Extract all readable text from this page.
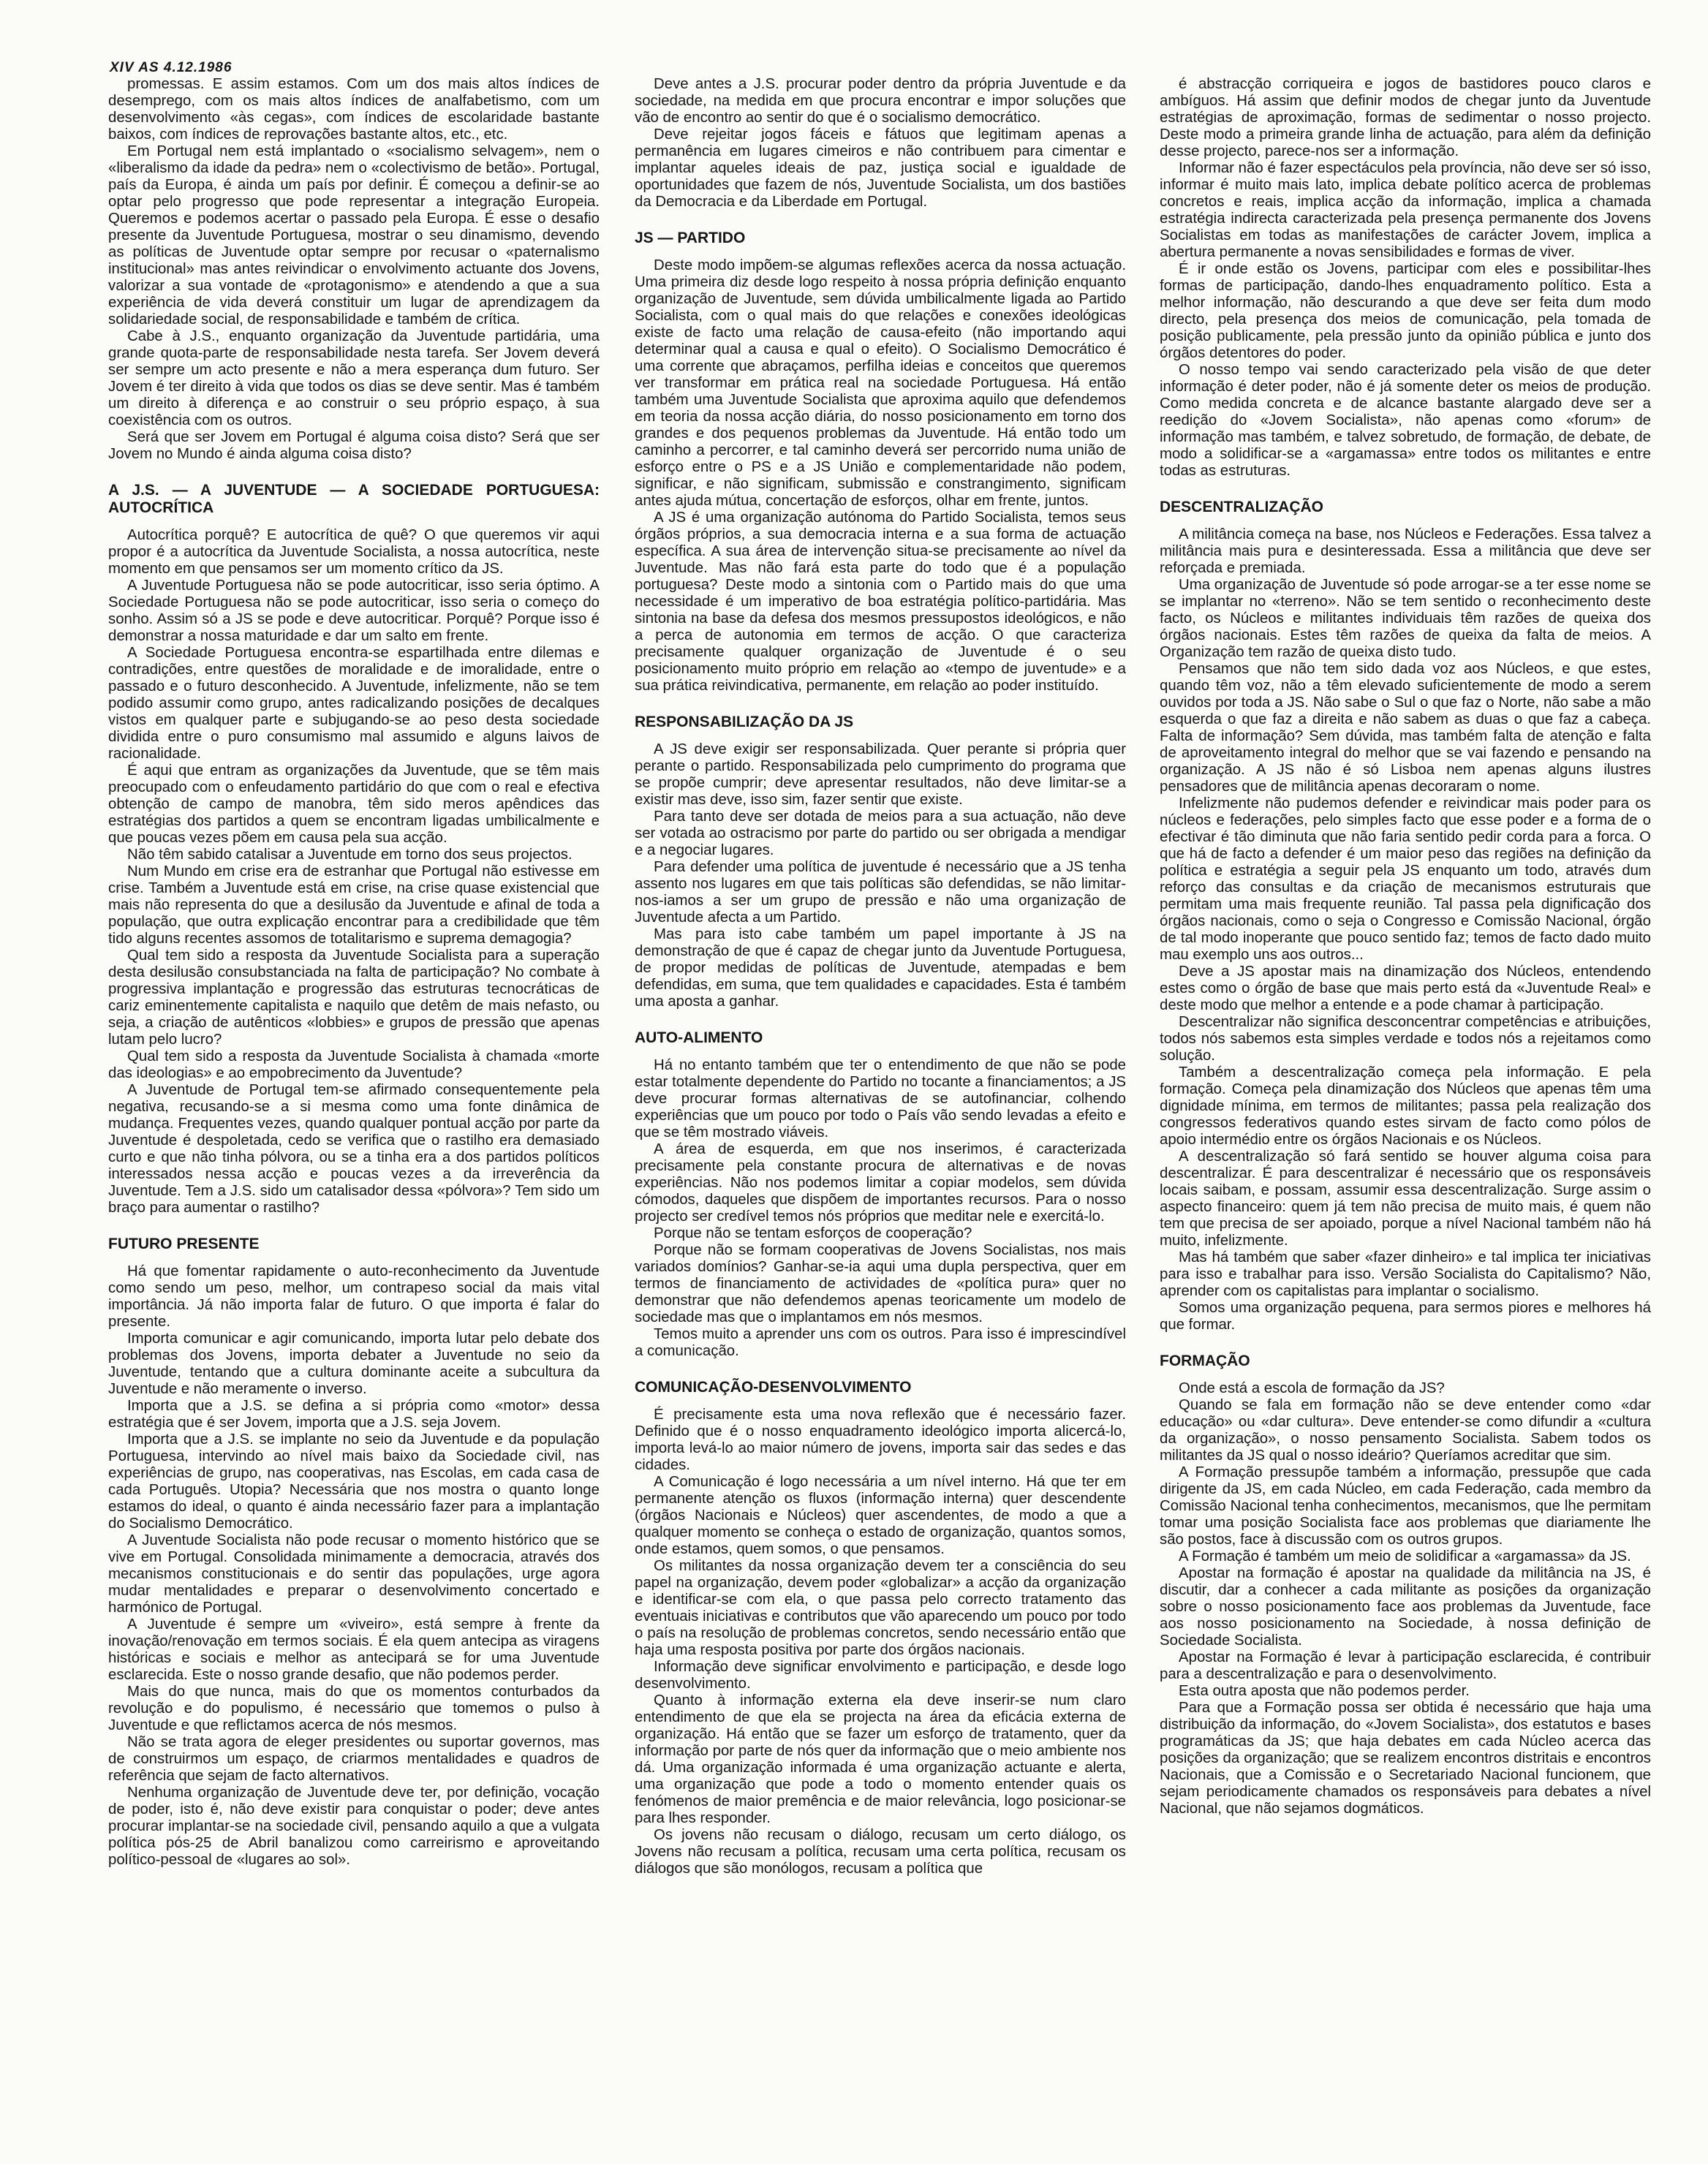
XIV AS 4.12.1986

promessas. E assim estamos. Com um dos mais altos índices de desemprego, com os mais altos índices de analfabetismo, com um desenvolvimento «às cegas», com índices de escolaridade bastante baixos, com índices de reprovações bastante altos, etc., etc.

Em Portugal nem está implantado o «socialismo selvagem», nem o «liberalismo da idade da pedra» nem o «colectivismo de betão». Portugal, país da Europa, é ainda um país por definir. É começou a definir-se ao optar pelo progresso que pode representar a integração Europeia. Queremos e podemos acertar o passado pela Europa. É esse o desafio presente da Juventude Portuguesa, mostrar o seu dinamismo, devendo as políticas de Juventude optar sempre por recusar o «paternalismo institucional» mas antes reivindicar o envolvimento actuante dos Jovens, valorizar a sua vontade de «protagonismo» e atendendo a que a sua experiência de vida deverá constituir um lugar de aprendizagem da solidariedade social, de responsabilidade e também de crítica.

Cabe à J.S., enquanto organização da Juventude partidária, uma grande quota-parte de responsabilidade nesta tarefa. Ser Jovem deverá ser sempre um acto presente e não a mera esperança dum futuro. Ser Jovem é ter direito à vida que todos os dias se deve sentir. Mas é também um direito à diferença e ao construir o seu próprio espaço, à sua coexistência com os outros.

Será que ser Jovem em Portugal é alguma coisa disto? Será que ser Jovem no Mundo é ainda alguma coisa disto?

A J.S. — A JUVENTUDE — A SOCIEDADE PORTUGUESA: AUTOCRÍTICA

Autocrítica porquê? E autocrítica de quê? O que queremos vir aqui propor é a autocrítica da Juventude Socialista, a nossa autocrítica, neste momento em que pensamos ser um momento crítico da JS.

A Juventude Portuguesa não se pode autocriticar, isso seria óptimo. A Sociedade Portuguesa não se pode autocriticar, isso seria o começo do sonho. Assim só a JS se pode e deve autocriticar. Porquê? Porque isso é demonstrar a nossa maturidade e dar um salto em frente.

A Sociedade Portuguesa encontra-se espartilhada entre dilemas e contradições, entre questões de moralidade e de imoralidade, entre o passado e o futuro desconhecido. A Juventude, infelizmente, não se tem podido assumir como grupo, antes radicalizando posições de decalques vistos em qualquer parte e subjugando-se ao peso desta sociedade dividida entre o puro consumismo mal assumido e alguns laivos de racionalidade.

É aqui que entram as organizações da Juventude, que se têm mais preocupado com o enfeudamento partidário do que com o real e efectiva obtenção de campo de manobra, têm sido meros apêndices das estratégias dos partidos a quem se encontram ligadas umbilicalmente e que poucas vezes põem em causa pela sua acção.

Não têm sabido catalisar a Juventude em torno dos seus projectos.

Num Mundo em crise era de estranhar que Portugal não estivesse em crise. Também a Juventude está em crise, na crise quase existencial que mais não representa do que a desilusão da Juventude e afinal de toda a população, que outra explicação encontrar para a credibilidade que têm tido alguns recentes assomos de totalitarismo e suprema demagogia?

Qual tem sido a resposta da Juventude Socialista para a superação desta desilusão consubstanciada na falta de participação? No combate à progressiva implantação e progressão das estruturas tecnocráticas de cariz eminentemente capitalista e naquilo que detêm de mais nefasto, ou seja, a criação de autênticos «lobbies» e grupos de pressão que apenas lutam pelo lucro?

Qual tem sido a resposta da Juventude Socialista à chamada «morte das ideologias» e ao empobrecimento da Juventude?

A Juventude de Portugal tem-se afirmado consequentemente pela negativa, recusando-se a si mesma como uma fonte dinâmica de mudança. Frequentes vezes, quando qualquer pontual acção por parte da Juventude é despoletada, cedo se verifica que o rastilho era demasiado curto e que não tinha pólvora, ou se a tinha era a dos partidos políticos interessados nessa acção e poucas vezes a da irreverência da Juventude. Tem a J.S. sido um catalisador dessa «pólvora»? Tem sido um braço para aumentar o rastilho?

FUTURO PRESENTE

Há que fomentar rapidamente o auto-reconhecimento da Juventude como sendo um peso, melhor, um contrapeso social da mais vital importância. Já não importa falar de futuro. O que importa é falar do presente.

Importa comunicar e agir comunicando, importa lutar pelo debate dos problemas dos Jovens, importa debater a Juventude no seio da Juventude, tentando que a cultura dominante aceite a subcultura da Juventude e não meramente o inverso.

Importa que a J.S. se defina a si própria como «motor» dessa estratégia que é ser Jovem, importa que a J.S. seja Jovem.

Importa que a J.S. se implante no seio da Juventude e da população Portuguesa, intervindo ao nível mais baixo da Sociedade civil, nas experiências de grupo, nas cooperativas, nas Escolas, em cada casa de cada Português. Utopia? Necessária que nos mostra o quanto longe estamos do ideal, o quanto é ainda necessário fazer para a implantação do Socialismo Democrático.

A Juventude Socialista não pode recusar o momento histórico que se vive em Portugal. Consolidada minimamente a democracia, através dos mecanismos constitucionais e do sentir das populações, urge agora mudar mentalidades e preparar o desenvolvimento concertado e harmónico de Portugal.

A Juventude é sempre um «viveiro», está sempre à frente da inovação/renovação em termos sociais. É ela quem antecipa as viragens históricas e sociais e melhor as antecipará se for uma Juventude esclarecida. Este o nosso grande desafio, que não podemos perder.

Mais do que nunca, mais do que os momentos conturbados da revolução e do populismo, é necessário que tomemos o pulso à Juventude e que reflictamos acerca de nós mesmos.

Não se trata agora de eleger presidentes ou suportar governos, mas de construirmos um espaço, de criarmos mentalidades e quadros de referência que sejam de facto alternativos.

Nenhuma organização de Juventude deve ter, por definição, vocação de poder, isto é, não deve existir para conquistar o poder; deve antes procurar implantar-se na sociedade civil, pensando aquilo a que a vulgata política pós-25 de Abril banalizou como carreirismo e aproveitando político-pessoal de «lugares ao sol».

Deve antes a J.S. procurar poder dentro da própria Juventude e da sociedade, na medida em que procura encontrar e impor soluções que vão de encontro ao sentir do que é o socialismo democrático.

Deve rejeitar jogos fáceis e fátuos que legitimam apenas a permanência em lugares cimeiros e não contribuem para cimentar e implantar aqueles ideais de paz, justiça social e igualdade de oportunidades que fazem de nós, Juventude Socialista, um dos bastiões da Democracia e da Liberdade em Portugal.

JS — PARTIDO

Deste modo impõem-se algumas reflexões acerca da nossa actuação. Uma primeira diz desde logo respeito à nossa própria definição enquanto organização de Juventude, sem dúvida umbilicalmente ligada ao Partido Socialista, com o qual mais do que relações e conexões ideológicas existe de facto uma relação de causa-efeito (não importando aqui determinar qual a causa e qual o efeito). O Socialismo Democrático é uma corrente que abraçamos, perfilha ideias e conceitos que queremos ver transformar em prática real na sociedade Portuguesa. Há então também uma Juventude Socialista que aproxima aquilo que defendemos em teoria da nossa acção diária, do nosso posicionamento em torno dos grandes e dos pequenos problemas da Juventude. Há então todo um caminho a percorrer, e tal caminho deverá ser percorrido numa união de esforço entre o PS e a JS União e complementaridade não podem, significar, e não significam, submissão e constrangimento, significam antes ajuda mútua, concertação de esforços, olhar em frente, juntos.

A JS é uma organização autónoma do Partido Socialista, temos seus órgãos próprios, a sua democracia interna e a sua forma de actuação específica. A sua área de intervenção situa-se precisamente ao nível da Juventude. Mas não fará esta parte do todo que é a população portuguesa? Deste modo a sintonia com o Partido mais do que uma necessidade é um imperativo de boa estratégia político-partidária. Mas sintonia na base da defesa dos mesmos pressupostos ideológicos, e não a perca de autonomia em termos de acção. O que caracteriza precisamente qualquer organização de Juventude é o seu posicionamento muito próprio em relação ao «tempo de juventude» e a sua prática reivindicativa, permanente, em relação ao poder instituído.

RESPONSABILIZAÇÃO DA JS

A JS deve exigir ser responsabilizada. Quer perante si própria quer perante o partido. Responsabilizada pelo cumprimento do programa que se propõe cumprir; deve apresentar resultados, não deve limitar-se a existir mas deve, isso sim, fazer sentir que existe.

Para tanto deve ser dotada de meios para a sua actuação, não deve ser votada ao ostracismo por parte do partido ou ser obrigada a mendigar e a negociar lugares.

Para defender uma política de juventude é necessário que a JS tenha assento nos lugares em que tais políticas são defendidas, se não limitar-nos-iamos a ser um grupo de pressão e não uma organização de Juventude afecta a um Partido.

Mas para isto cabe também um papel importante à JS na demonstração de que é capaz de chegar junto da Juventude Portuguesa, de propor medidas de políticas de Juventude, atempadas e bem defendidas, em suma, que tem qualidades e capacidades. Esta é também uma aposta a ganhar.

AUTO-ALIMENTO

Há no entanto também que ter o entendimento de que não se pode estar totalmente dependente do Partido no tocante a financiamentos; a JS deve procurar formas alternativas de se autofinanciar, colhendo experiências que um pouco por todo o País vão sendo levadas a efeito e que se têm mostrado viáveis.

A área de esquerda, em que nos inserimos, é caracterizada precisamente pela constante procura de alternativas e de novas experiências. Não nos podemos limitar a copiar modelos, sem dúvida cómodos, daqueles que dispõem de importantes recursos. Para o nosso projecto ser credível temos nós próprios que meditar nele e exercitá-lo.

Porque não se tentam esforços de cooperação?

Porque não se formam cooperativas de Jovens Socialistas, nos mais variados domínios? Ganhar-se-ia aqui uma dupla perspectiva, quer em termos de financiamento de actividades de «política pura» quer no demonstrar que não defendemos apenas teoricamente um modelo de sociedade mas que o implantamos em nós mesmos.

Temos muito a aprender uns com os outros. Para isso é imprescindível a comunicação.

COMUNICAÇÃO-DESENVOLVIMENTO

É precisamente esta uma nova reflexão que é necessário fazer. Definido que é o nosso enquadramento ideológico importa alicercá-lo, importa levá-lo ao maior número de jovens, importa sair das sedes e das cidades.

A Comunicação é logo necessária a um nível interno. Há que ter em permanente atenção os fluxos (informação interna) quer descendente (órgãos Nacionais e Núcleos) quer ascendentes, de modo a que a qualquer momento se conheça o estado de organização, quantos somos, onde estamos, quem somos, o que pensamos.

Os militantes da nossa organização devem ter a consciência do seu papel na organização, devem poder «globalizar» a acção da organização e identificar-se com ela, o que passa pelo correcto tratamento das eventuais iniciativas e contributos que vão aparecendo um pouco por todo o país na resolução de problemas concretos, sendo necessário então que haja uma resposta positiva por parte dos órgãos nacionais.

Informação deve significar envolvimento e participação, e desde logo desenvolvimento.

Quanto à informação externa ela deve inserir-se num claro entendimento de que ela se projecta na área da eficácia externa de organização. Há então que se fazer um esforço de tratamento, quer da informação por parte de nós quer da informação que o meio ambiente nos dá. Uma organização informada é uma organização actuante e alerta, uma organização que pode a todo o momento entender quais os fenómenos de maior premência e de maior relevância, logo posicionar-se para lhes responder.

Os jovens não recusam o diálogo, recusam um certo diálogo, os Jovens não recusam a política, recusam uma certa política, recusam os diálogos que são monólogos, recusam a política que

é abstracção corriqueira e jogos de bastidores pouco claros e ambíguos. Há assim que definir modos de chegar junto da Juventude estratégias de aproximação, formas de sedimentar o nosso projecto. Deste modo a primeira grande linha de actuação, para além da definição desse projecto, parece-nos ser a informação.

Informar não é fazer espectáculos pela província, não deve ser só isso, informar é muito mais lato, implica debate político acerca de problemas concretos e reais, implica acção da informação, implica a chamada estratégia indirecta caracterizada pela presença permanente dos Jovens Socialistas em todas as manifestações de carácter Jovem, implica a abertura permanente a novas sensibilidades e formas de viver.

É ir onde estão os Jovens, participar com eles e possibilitar-lhes formas de participação, dando-lhes enquadramento político. Esta a melhor informação, não descurando a que deve ser feita dum modo directo, pela presença dos meios de comunicação, pela tomada de posição publicamente, pela pressão junto da opinião pública e junto dos órgãos detentores do poder.

O nosso tempo vai sendo caracterizado pela visão de que deter informação é deter poder, não é já somente deter os meios de produção. Como medida concreta e de alcance bastante alargado deve ser a reedição do «Jovem Socialista», não apenas como «forum» de informação mas também, e talvez sobretudo, de formação, de debate, de modo a solidificar-se a «argamassa» entre todos os militantes e entre todas as estruturas.

DESCENTRALIZAÇÃO

A militância começa na base, nos Núcleos e Federações. Essa talvez a militância mais pura e desinteressada. Essa a militância que deve ser reforçada e premiada.

Uma organização de Juventude só pode arrogar-se a ter esse nome se se implantar no «terreno». Não se tem sentido o reconhecimento deste facto, os Núcleos e militantes individuais têm razões de queixa dos órgãos nacionais. Estes têm razões de queixa da falta de meios. A Organização tem razão de queixa disto tudo.

Pensamos que não tem sido dada voz aos Núcleos, e que estes, quando têm voz, não a têm elevado suficientemente de modo a serem ouvidos por toda a JS. Não sabe o Sul o que faz o Norte, não sabe a mão esquerda o que faz a direita e não sabem as duas o que faz a cabeça. Falta de informação? Sem dúvida, mas também falta de atenção e falta de aproveitamento integral do melhor que se vai fazendo e pensando na organização. A JS não é só Lisboa nem apenas alguns ilustres pensadores que de militância apenas decoraram o nome.

Infelizmente não pudemos defender e reivindicar mais poder para os núcleos e federações, pelo simples facto que esse poder e a forma de o efectivar é tão diminuta que não faria sentido pedir corda para a forca. O que há de facto a defender é um maior peso das regiões na definição da política e estratégia a seguir pela JS enquanto um todo, através dum reforço das consultas e da criação de mecanismos estruturais que permitam uma mais frequente reunião. Tal passa pela dignificação dos órgãos nacionais, como o seja o Congresso e Comissão Nacional, órgão de tal modo inoperante que pouco sentido faz; temos de facto dado muito mau exemplo uns aos outros...

Deve a JS apostar mais na dinamização dos Núcleos, entendendo estes como o órgão de base que mais perto está da «Juventude Real» e deste modo que melhor a entende e a pode chamar à participação.

Descentralizar não significa desconcentrar competências e atribuições, todos nós sabemos esta simples verdade e todos nós a rejeitamos como solução.

Também a descentralização começa pela informação. E pela formação. Começa pela dinamização dos Núcleos que apenas têm uma dignidade mínima, em termos de militantes; passa pela realização dos congressos federativos quando estes sirvam de facto como pólos de apoio intermédio entre os órgãos Nacionais e os Núcleos.

A descentralização só fará sentido se houver alguma coisa para descentralizar. É para descentralizar é necessário que os responsáveis locais saibam, e possam, assumir essa descentralização. Surge assim o aspecto financeiro: quem já tem não precisa de muito mais, é quem não tem que precisa de ser apoiado, porque a nível Nacional também não há muito, infelizmente.

Mas há também que saber «fazer dinheiro» e tal implica ter iniciativas para isso e trabalhar para isso. Versão Socialista do Capitalismo? Não, aprender com os capitalistas para implantar o socialismo.

Somos uma organização pequena, para sermos piores e melhores há que formar.

FORMAÇÃO

Onde está a escola de formação da JS?

Quando se fala em formação não se deve entender como «dar educação» ou «dar cultura». Deve entender-se como difundir a «cultura da organização», o nosso pensamento Socialista. Sabem todos os militantes da JS qual o nosso ideário? Queríamos acreditar que sim.

A Formação pressupõe também a informação, pressupõe que cada dirigente da JS, em cada Núcleo, em cada Federação, cada membro da Comissão Nacional tenha conhecimentos, mecanismos, que lhe permitam tomar uma posição Socialista face aos problemas que diariamente lhe são postos, face à discussão com os outros grupos.

A Formação é também um meio de solidificar a «argamassa» da JS.

Apostar na formação é apostar na qualidade da militância na JS, é discutir, dar a conhecer a cada militante as posições da organização sobre o nosso posicionamento face aos problemas da Juventude, face aos nosso posicionamento na Sociedade, à nossa definição de Sociedade Socialista.

Apostar na Formação é levar à participação esclarecida, é contribuir para a descentralização e para o desenvolvimento.

Esta outra aposta que não podemos perder.

Para que a Formação possa ser obtida é necessário que haja uma distribuição da informação, do «Jovem Socialista», dos estatutos e bases programáticas da JS; que haja debates em cada Núcleo acerca das posições da organização; que se realizem encontros distritais e encontros Nacionais, que a Comissão e o Secretariado Nacional funcionem, que sejam periodicamente chamados os responsáveis para debates a nível Nacional, que não sejamos dogmáticos.
